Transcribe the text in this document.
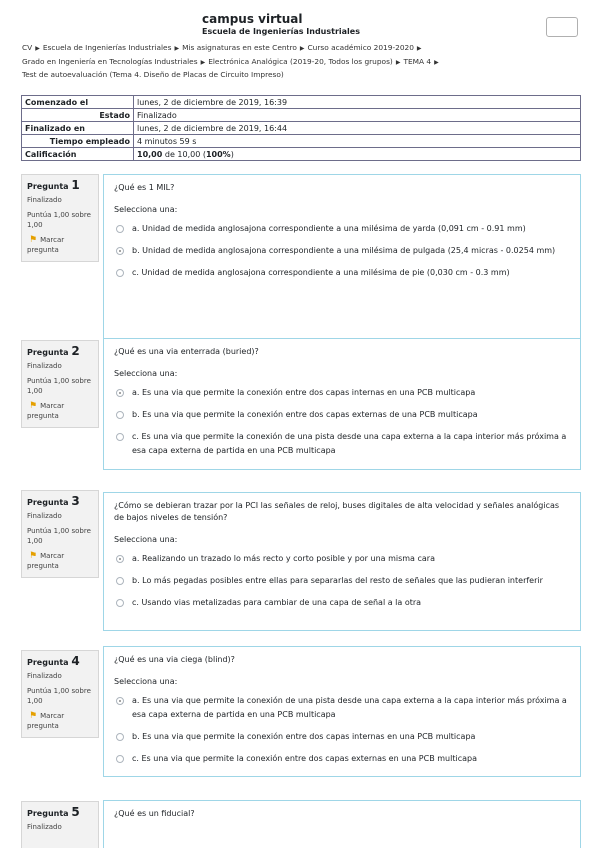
campus virtual
Escuela de Ingenierías Industriales
CV ▶ Escuela de Ingenierías Industriales ▶ Mis asignaturas en este Centro ▶ Curso académico 2019-2020 ▶
Grado en Ingeniería en Tecnologías Industriales ▶ Electrónica Analógica (2019-20, Todos los grupos) ▶ TEMA 4 ▶
Test de autoevaluación (Tema 4. Diseño de Placas de Circuito Impreso)
Comenzado el	lunes, 2 de diciembre de 2019, 16:39
Estado	Finalizado
Finalizado en	lunes, 2 de diciembre de 2019, 16:44
Tiempo empleado	4 minutos 59 s
Calificación	10,00 de 10,00 (100%)
Pregunta 1
Finalizado
Puntúa 1,00 sobre 1,00
⚑ Marcar pregunta
¿Qué es 1 MIL?
Selecciona una:
a. Unidad de medida anglosajona correspondiente a una milésima de yarda (0,091 cm - 0.91 mm)
b. Unidad de medida anglosajona correspondiente a una milésima de pulgada (25,4 micras - 0.0254 mm)
c. Unidad de medida anglosajona correspondiente a una milésima de pie (0,030 cm - 0.3 mm)
Pregunta 2
Finalizado
Puntúa 1,00 sobre 1,00
⚑ Marcar pregunta
¿Qué es una via enterrada (buried)?
Selecciona una:
a. Es una via que permite la conexión entre dos capas internas en una PCB multicapa
b. Es una via que permite la conexión entre dos capas externas de una PCB multicapa
c. Es una via que permite la conexión de una pista desde una capa externa a la capa interior más próxima a esa capa externa de partida en una PCB multicapa
Pregunta 3
Finalizado
Puntúa 1,00 sobre 1,00
⚑ Marcar pregunta
¿Cómo se debieran trazar por la PCI las señales de reloj, buses digitales de alta velocidad y señales analógicas de bajos niveles de tensión?
Selecciona una:
a. Realizando un trazado lo más recto y corto posible y por una misma cara
b. Lo más pegadas posibles entre ellas para separarlas del resto de señales que las pudieran interferir
c. Usando vias metalizadas para cambiar de una capa de señal a la otra
Pregunta 4
Finalizado
Puntúa 1,00 sobre 1,00
⚑ Marcar pregunta
¿Qué es una via ciega (blind)?
Selecciona una:
a. Es una via que permite la conexión de una pista desde una capa externa a la capa interior más próxima a esa capa externa de partida en una PCB multicapa
b. Es una via que permite la conexión entre dos capas internas en una PCB multicapa
c. Es una via que permite la conexión entre dos capas externas en una PCB multicapa
Pregunta 5
Finalizado
¿Qué es un fiducial?
